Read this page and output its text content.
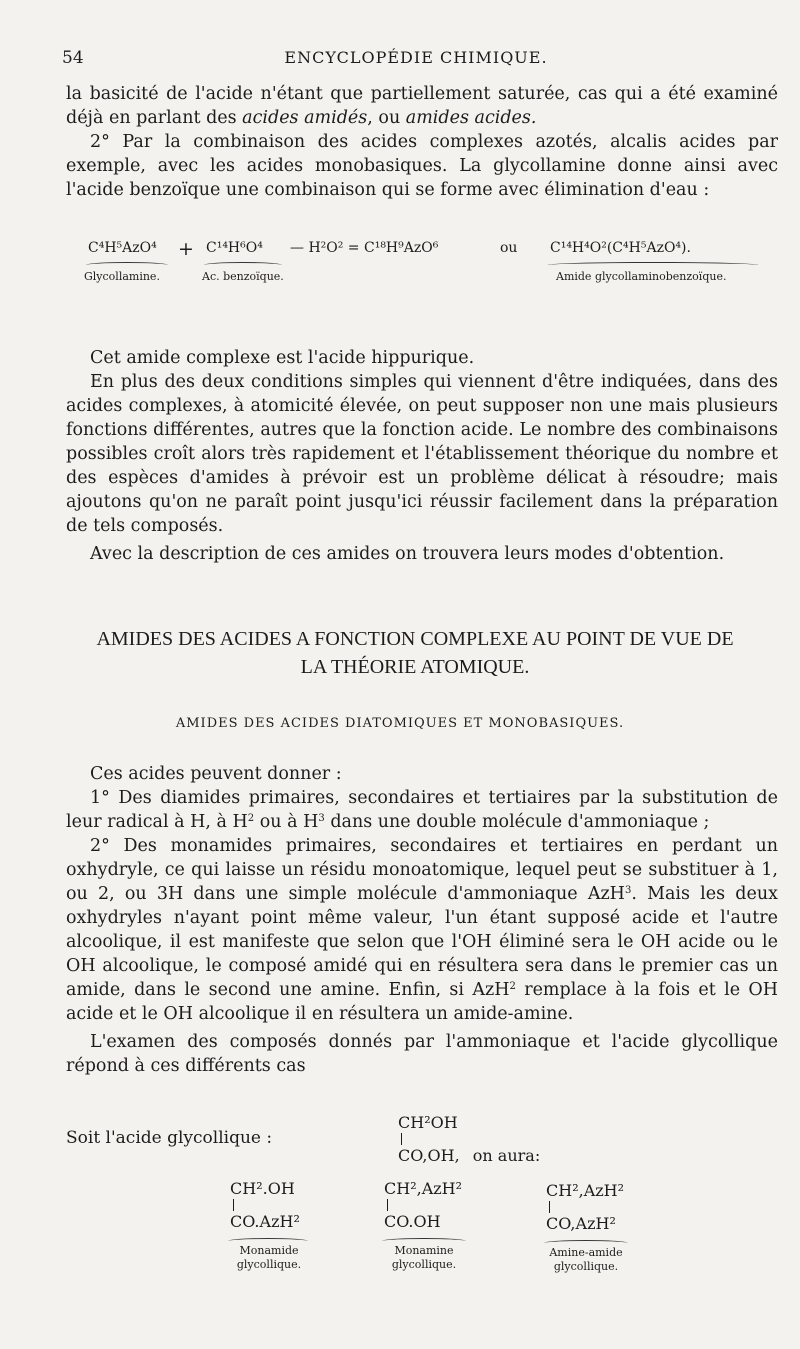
54	ENCYCLOPÉDIE CHIMIQUE.

la basicité de l'acide n'étant que partiellement saturée, cas qui a été examiné déjà en parlant des acides amidés, ou amides acides.

2° Par la combinaison des acides complexes azotés, alcalis acides par exemple, avec les acides monobasiques. La glycollamine donne ainsi avec l'acide benzoïque une combinaison qui se forme avec élimination d'eau :

C⁴H⁵AzO⁴ + C¹⁴H⁶O⁴ — H²O² = C¹⁸H⁹AzO⁶	ou C¹⁴H⁴O²(C⁴H⁵AzO⁴).
Glycollamine.	Ac. benzoïque.	Amide glycollaminobenzoïque.

Cet amide complexe est l'acide hippurique.

En plus des deux conditions simples qui viennent d'être indiquées, dans des acides complexes, à atomicité élevée, on peut supposer non une mais plusieurs fonctions différentes, autres que la fonction acide. Le nombre des combinaisons possibles croît alors très rapidement et l'établissement théorique du nombre et des espèces d'amides à prévoir est un problème délicat à résoudre; mais ajoutons qu'on ne paraît point jusqu'ici réussir facilement dans la préparation de tels composés.

Avec la description de ces amides on trouvera leurs modes d'obtention.

AMIDES DES ACIDES A FONCTION COMPLEXE AU POINT DE VUE DE
LA THÉORIE ATOMIQUE.
AMIDES DES ACIDES DIATOMIQUES ET MONOBASIQUES.

Ces acides peuvent donner :

1° Des diamides primaires, secondaires et tertiaires par la substitution de leur radical à H, à $H^2$ ou à $H^3$ dans une double molécule d'ammoniaque ;

2° Des monamides primaires, secondaires et tertiaires en perdant un oxhydryle, ce qui laisse un résidu monoatomique, lequel peut se substituer à 1, ou 2, ou 3H dans une simple molécule d'ammoniaque AzH$^3$. Mais les deux oxhydryles n'ayant point même valeur, l'un étant supposé acide et l'autre alcoolique, il est manifeste que selon que l'OH éliminé sera le OH acide ou le OH alcoolique, le composé amidé qui en résultera sera dans le premier cas un amide, dans le second une amine. Enfin, si AzH$^2$ remplace à la fois et le OH acide et le OH alcoolique il en résultera un amide-amine.

L'examen des composés donnés par l'ammoniaque et l'acide glycollique répond à ces différents cas

Soit l'acide glycollique :
CH²OH
CO,OH, on aura:
CH².OH
CO.AzH²
Monamide
glycollique.
CH²,AzH²
CO.OH
Monamine
glycollique.
CH²,AzH²
CO,AzH²
Amine-amide
glycollique.
